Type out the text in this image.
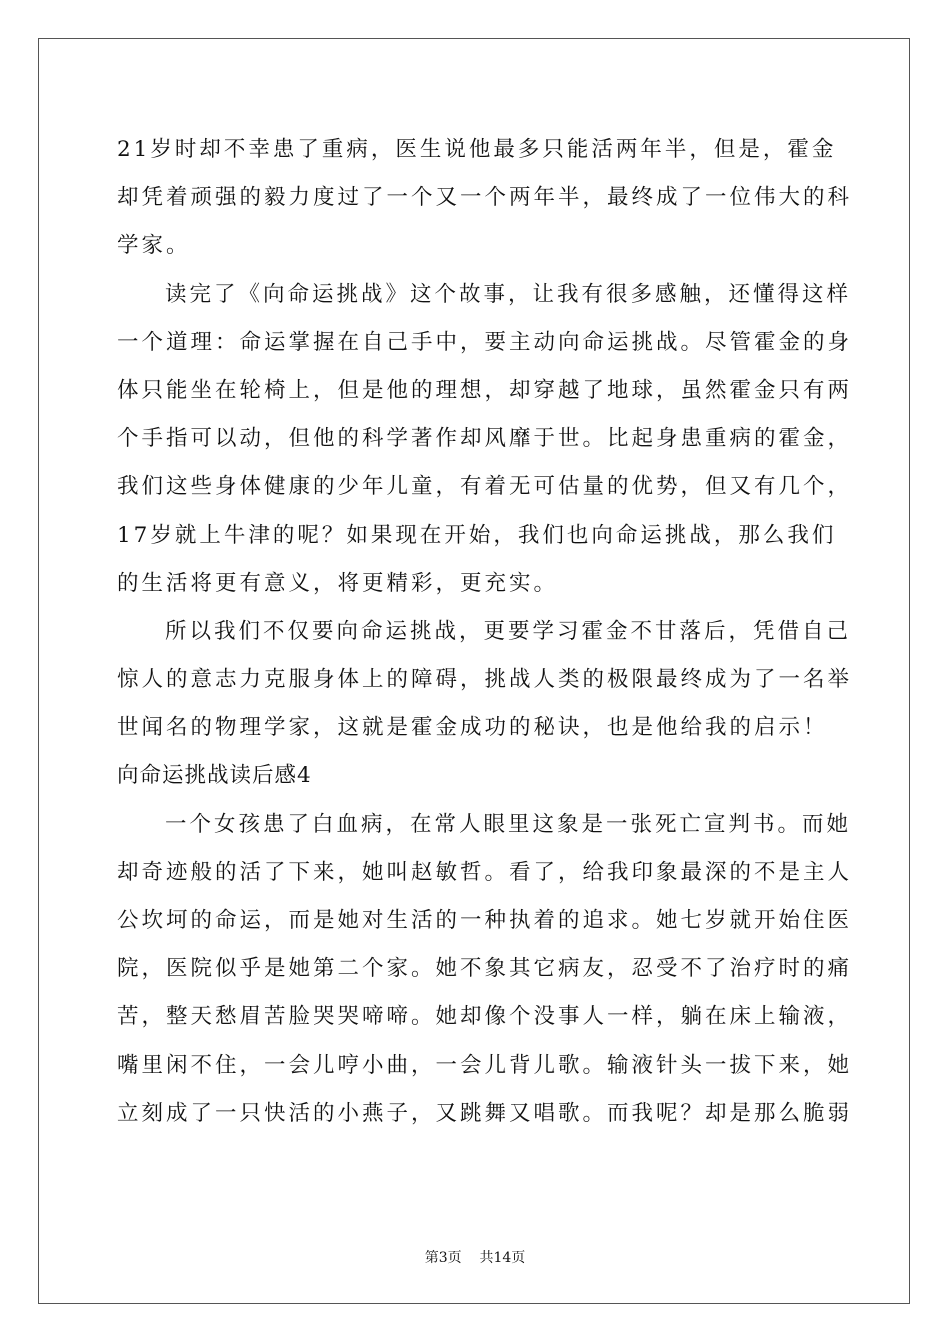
21岁时却不幸患了重病，医生说他最多只能活两年半，但是，霍金
却凭着顽强的毅力度过了一个又一个两年半，最终成了一位伟大的科
学家。
读完了《向命运挑战》这个故事，让我有很多感触，还懂得这样
一个道理：命运掌握在自己手中，要主动向命运挑战。尽管霍金的身
体只能坐在轮椅上，但是他的理想，却穿越了地球，虽然霍金只有两
个手指可以动，但他的科学著作却风靡于世。比起身患重病的霍金，
我们这些身体健康的少年儿童，有着无可估量的优势，但又有几个，
17岁就上牛津的呢？如果现在开始，我们也向命运挑战，那么我们
的生活将更有意义，将更精彩，更充实。
所以我们不仅要向命运挑战，更要学习霍金不甘落后，凭借自己
惊人的意志力克服身体上的障碍，挑战人类的极限最终成为了一名举
世闻名的物理学家，这就是霍金成功的秘诀，也是他给我的启示！
向命运挑战读后感4
一个女孩患了白血病，在常人眼里这象是一张死亡宣判书。而她
却奇迹般的活了下来，她叫赵敏哲。看了，给我印象最深的不是主人
公坎坷的命运，而是她对生活的一种执着的追求。她七岁就开始住医
院，医院似乎是她第二个家。她不象其它病友，忍受不了治疗时的痛
苦，整天愁眉苦脸哭哭啼啼。她却像个没事人一样，躺在床上输液，
嘴里闲不住，一会儿哼小曲，一会儿背儿歌。输液针头一拔下来，她
立刻成了一只快活的小燕子，又跳舞又唱歌。而我呢？却是那么脆弱
第3页 共14页
